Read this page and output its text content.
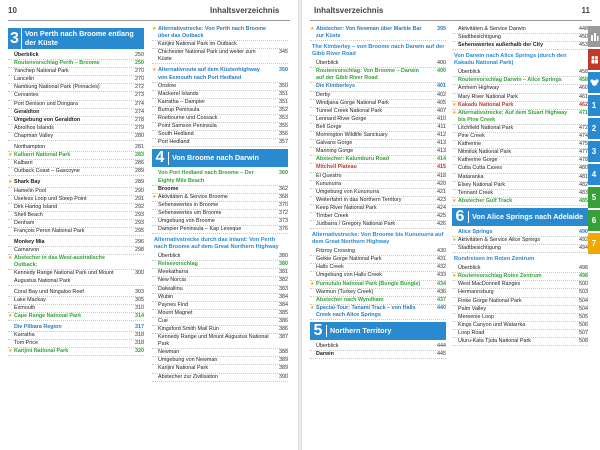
10	Inhaltsverzeichnis
3 Von Perth nach Broome entlang der Küste
Überblick	250
Routenvorschlag Perth – Broome	250
Yanchep National Park	270
Lancelin	270
Nambung National Park (Pinnacles)	272
Cervantes	273
Port Denison und Dongara	274
Geraldton	274
Umgebung von Geraldton	278
Abrolhos Islands	279
Chapman Valley	280
Northampton	281
★ Kalbarri National Park	283
Kalbarri	286
Outback Coast – Gascoyne	289
★ Shark Bay	289
Hamelin Pool	290
Useless Loop und Steep Point	291
Dirk Hartog Island	292
Shell Beach	293
Denham	293
François Peron National Park	295
Monkey Mia	296
Carnarvon	298
★ Abstecher in das West-australische Outback:
Kennedy Range National Park und Mount Augustus National Park
300
Coral Bay und Ningaloo Reef	303
Lake Mackay	305
Exmouth	310
★ Cape Range National Park	314
Die Pilbara Region	317
Karratha	318
Tom Price	318
★ Karijini National Park	320
★ Alternativstrecke: Von Perth nach Broome über das Outback
Karijini National Park im Outback
Chichester National Park und weiter zum Küste
345
★ Alternativroute auf dem Küstenhighway von Exmouth nach Port Hedland
350
Onslow	350
Mackerel Islands	351
Karratha – Dampier	351
Burrup Peninsula	352
Roebourne und Cossack	353
Point Samson Peninsula	355
South Hedland	356
Port Hedland	357
4	Von Broome nach Darwin
Von Port Hedland nach Broome – Der Eighty Mile Beach
360
Broome	362
★ Aktivitäten & Service Broome	368
Sehenswertes in Broome	370
Sehenswertes um Broome	372
Umgebung von Broome	373
Dampier Peninsula – Kap Leveque	376
Alternativstrecke durch das Inland: Von Perth nach Broome auf dem Great Northern Highway
Überblick	380
Reisevorschlag	380
Meekatharra	381
New Norcia	382
Dalwallinu	383
Wubin	384
Paynes Find	384
Mount Magnet	385
Cue	386
Kingsford Smith Mail Run	386
Kennedy Range und Mount Augustus National Park
387
Newman	388
Umgebung von Newman	389
Karijini National Park	389
Abstecher zur Zivilisation	390
Inhaltsverzeichnis	11
★ Abstecher: Von Newman über Marble Bar zur Küste
395
The Kimberley – von Broome nach Darwin auf der Gibb River Road
Überblick	400
Routenvorschlag: Von Broome – Darwin auf der Gibb River Road
400
Die Kimberleys	401
Derby	402
Windjana Gorge National Park	405
Tunnel Creek National Park	407
Lennard River Gorge	410
Bell Gorge	411
Mornington Wildlife Sanctuary	412
Galvans Gorge	413
Manning Gorge	413
Abstecher: Kalumburu Road	414
Mitchell Plateau	415
El Questro	418
Kununurra	420
Umgebung von Kununurra	421
Weiterfahrt in das Northern Territory	423
Keep River National Park	424
Timber Creek	425
Judbarra / Gregory National Park	426
Alternativstrecke: Von Broome bis Kununurra auf dem Great Northern Highway
Fitzroy Crossing	430
Geikie Gorge National Park	431
Halls Creek	432
Umgebung von Halls Creek	433
★ Purnululu National Park (Bungle Bungle)	434
Warmun (Turkey Creek)	436
Abstecher nach Wyndham	437
★ Special-Tour: Tanami Track – von Halls Creek nach Alice Springs
440
5	Northern Territory
Überblick	444
Darwin	445
Aktivitäten & Service Darwin	448
Stadtbesichtigung	450
Sehenswertes außerhalb der City	453
Von Darwin nach Alice Springs (durch den Kakadu National Park)
Überblick	458
Routenvorschlag Darwin – Alice Springs	458
Arnhem Highway	460
Mary River National Park	461
★ Kakadu National Park	462
★ Alternativstrecke: Auf dem Stuart Highway bis Pine Creek
471
Litchfield National Park	472
Pine Creek	474
Katherine	475
Nitmiluk National Park	477
Katherine Gorge	478
Cutta Cutta Caves	480
Mataranka	481
Elsey National Park	482
Tennant Creek	483
★ Abstecher Gulf Track	485
6	Von Alice Springs nach Adelaide
Alice Springs	490
★ Aktivitäten & Service Alice Springs	492
Stadtbesichtigung	494
Rundreisen im Roten Zentrum
Überblick	498
★ Routenvorschlag Rotes Zentrum	498
West MacDonnell Ranges	500
Hermannsburg	503
Finke Gorge National Park	504
Palm Valley	504
Mereenie Loop	505
Kings Canyon und Watarrka	506
Loop Road	507
Uluru-Kata Tjuta National Park	508
1
2
3
4
5
6
7
